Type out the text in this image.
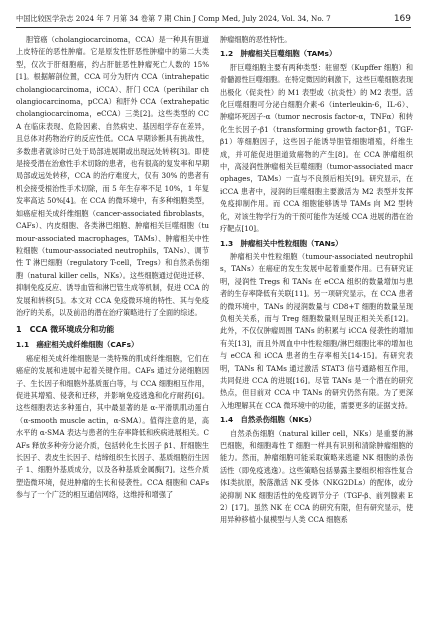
中国比较医学杂志 2024 年 7 月第 34 卷第 7 期 Chin J Comp Med, July 2024, Vol. 34, No. 7	169

胆管癌（cholangiocarcinoma，CCA）是一种具有胆道上皮特征的恶性肿瘤。它是原发性肝恶性肿瘤中的第二大类型，仅次于肝细胞癌，约占肝脏恶性肿瘤死亡人数的 15%[1]。根据解剖位置，CCA 可分为肝内 CCA（intrahepatic cholangiocarcinoma，iCCA）、肝门 CCA（perihilar cholangiocarcinoma，pCCA）和肝外 CCA（extrahepatic cholangiocarcinoma，eCCA）三类[2]。这些类型的 CCA 在临床表现、危险因素、自然病史、基因组学存在差异，且总体对药物治疗的反应性低。CCA 早期诊断具有挑战性，多数患者就诊时已处于局部进展期或出现远处转移[3]。即使是接受潜在治愈性手术切除的患者，也有很高的复发率和早期局部或远处转移，CCA 的治疗难度大，仅有 30% 的患者有机会接受根治性手术切除，而 5 年生存率不足 10%，1 年复发率高达 50%[4]。在 CCA 的微环境中，有多种细胞类型，如癌症相关成纤维细胞（cancer-associated fibroblasts，CAFs）、内皮细胞、各类淋巴细胞、肿瘤相关巨噬细胞（tumour-associated macrophages，TAMs）、肿瘤相关中性粒细胞（tumour-associated neutrophils，TANs）、调节性 T 淋巴细胞（regulatory T-cell，Tregs）和自然杀伤细胞（natural killer cells，NKs）。这些细胞通过促进迁移、抑制免疫反应、诱导血管和淋巴管生成等机制，促进 CCA 的发展和转移[5]。本文对 CCA 免疫微环境的特性、其与免疫治疗的关系，以及前沿的潜在治疗策略进行了全面的综述。

1　CCA 微环境成分和功能
1.1　癌症相关成纤维细胞（CAFs）

癌症相关成纤维细胞是一类特殊的肌成纤维细胞，它们在癌症的发展和进展中起着关键作用。CAFs 通过分泌细胞因子、生长因子和细胞外基质蛋白等，与 CCA 细胞相互作用，促进其增殖、侵袭和迁移，并影响免疫逃逸和化疗耐药[6]。这些细胞表达多种蛋白，其中最显著的是 α-平滑肌肌动蛋白（α-smooth muscle actin，α-SMA）。值得注意的是，高水平的 α-SMA 表达与患者的生存率降低和疾病进展相关。CAFs 释放多种旁分泌介质，包括转化生长因子 β1、肝细胞生长因子、表皮生长因子、结缔组织生长因子、基质细胞衍生因子 1、细胞外基质成分，以及各种基质金属酶[7]。这些介质塑造微环境，促进肿瘤的生长和侵袭性。CCA 细胞和 CAFs 参与了一个广泛的相互通信网络，这维持和增强了

肿瘤细胞的恶性特性。

1.2　肿瘤相关巨噬细胞（TAMs）

肝巨噬细胞主要有两种类型：驻留型（Kupffer 细胞）和骨髓源性巨噬细胞。在特定微因的刺激下，这些巨噬细胞表现出极化（促炎性）的 M1 表型或（抗炎性）的 M2 表型。活化巨噬细胞可分泌白细胞介素-6（interleukin-6，IL-6）、肿瘤坏死因子-α（tumor necrosis factor-α，TNFα）和转化生长因子-β1（transforming growth factor-β1，TGF-β1）等细胞因子，这些因子能诱导胆管细胞增殖，纤维生成，并可能促进胆道致癌物的产生[8]。在 CCA 肿瘤组织中，高浸润性肿瘤相关巨噬细胞（tumor-associated macrophages，TAMs）一直与不良预后相关[9]。研究显示，在 iCCA 患者中，浸润的巨噬细胞主要激活为 M2 表型并发挥免疫抑制作用。而 CCA 细胞能够诱导 TAMs 向 M2 型转化，对该生物学行为的干预可能作为延缓 CCA 进展的潜在治疗靶点[10]。

1.3　肿瘤相关中性粒细胞（TANs）

肿瘤相关中性粒细胞（tumour-associated neutrophils，TANs）在癌症的发生发展中起着重要作用。已有研究证明，浸润性 Tregs 和 TANs 在 eCCA 组织的数量增加与患者的生存率降低有关联[11]。另一项研究显示，在 CCA 患者的微环境中，TANs 的浸润数量与 CD8+T 细胞的数量呈现负相关关系，而与 Treg 细胞数量则呈现正相关关系[12]。此外，不仅仅肿瘤周围 TANs 的积累与 iCCA 侵袭性的增加有关[13]，而且外周血中中性粒细胞/淋巴细胞比率的增加也与 eCCA 和 iCCA 患者的生存率相关[14-15]。有研究表明，TANs 和 TAMs 通过激活 STAT3 信号通路相互作用，共同促进 CCA 的进展[16]。尽管 TANs 是一个潜在的研究热点，但目前对 CCA 中 TANs 的研究仍然有限。为了更深入地理解其在 CCA 微环境中的功能，需要更多的证据支持。

1.4　自然杀伤细胞（NKs）

自然杀伤细胞（natural killer cell，NKs）是重要的淋巴细胞，和细胞毒性 T 细胞一样具有识别和清除肿瘤细胞的能力。然而，肿瘤细胞可能采取策略来逃避 NK 细胞的杀伤活性（即免疫逃逸）。这些策略包括暴露主要组织相容性复合体Ⅰ类抗原，脱落激活 NK 受体（NKG2DLs）的配体，或分泌抑制 NK 细胞活性的免疫调节分子（TGF-β、前列腺素 E2）[17]。虽然 NK 在 CCA 的研究有限，但有研究显示，使用异种移植小鼠模型与人类 CCA 细胞系
